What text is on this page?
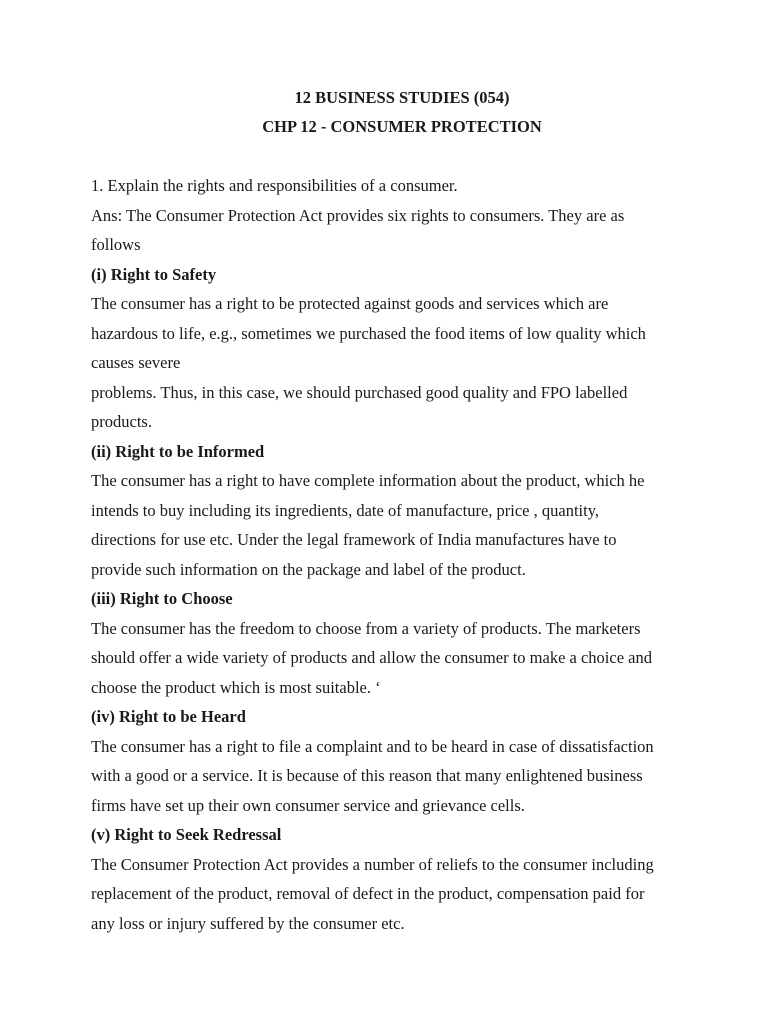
12 BUSINESS STUDIES (054)
CHP 12 - CONSUMER PROTECTION
1. Explain the rights and responsibilities of a consumer.
Ans: The Consumer Protection Act provides six rights to consumers. They are as
follows
(i) Right to Safety
The consumer has a right to be protected against goods and services which are
hazardous to life, e.g., sometimes we purchased the food items of low quality which
causes severe
problems. Thus, in this case, we should purchased good quality and FPO labelled
products.
(ii) Right to be Informed
The consumer has a right to have complete information about the product, which he
intends to buy including its ingredients, date of manufacture, price , quantity,
directions for use etc. Under the legal framework of India manufactures have to
provide such information on the package and label of the product.
(iii) Right to Choose
The consumer has the freedom to choose from a variety of products. The marketers
should offer a wide variety of products and allow the consumer to make a choice and
choose the product which is most suitable. ‘
(iv) Right to be Heard
The consumer has a right to file a complaint and to be heard in case of dissatisfaction
with a good or a service. It is because of this reason that many enlightened business
firms have set up their own consumer service and grievance cells.
(v) Right to Seek Redressal
The Consumer Protection Act provides a number of reliefs to the consumer including
replacement of the product, removal of defect in the product, compensation paid for
any loss or injury suffered by the consumer etc.
